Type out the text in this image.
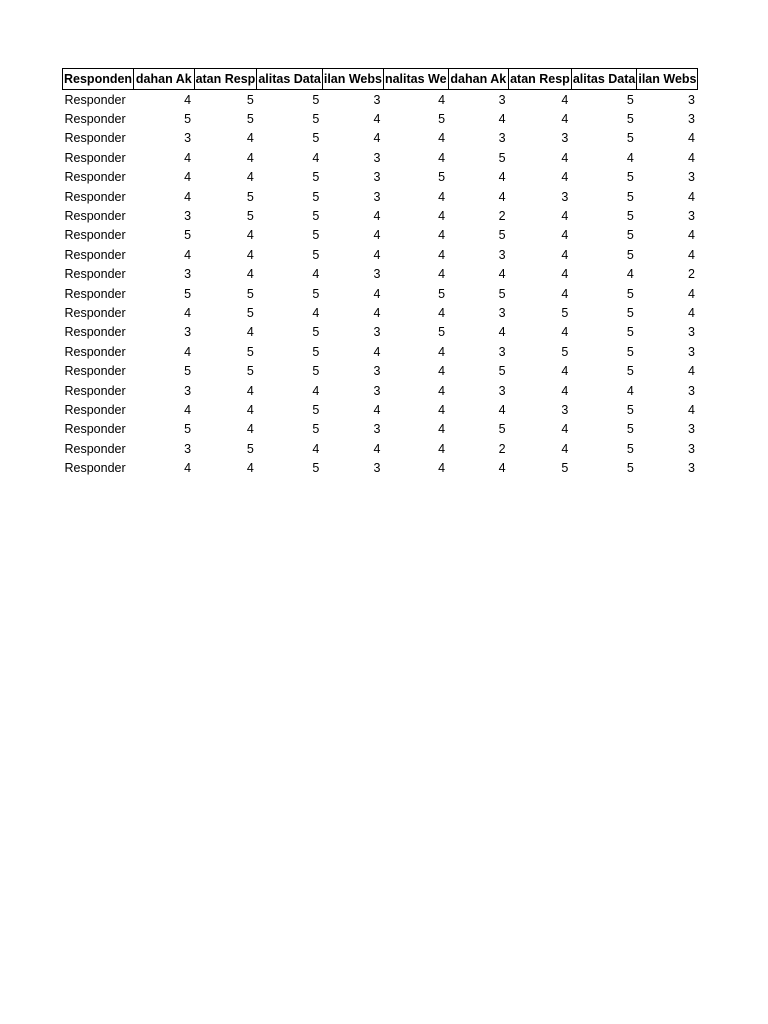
Responden	dahan Ak	atan Resp	alitas Data	ilan Webs	nalitas We	dahan Ak	atan Resp	alitas Data	ilan Webs
Responder	4	5	5	3	4	3	4	5	3
Responder	5	5	5	4	5	4	4	5	3
Responder	3	4	5	4	4	3	3	5	4
Responder	4	4	4	3	4	5	4	4	4
Responder	4	4	5	3	5	4	4	5	3
Responder	4	5	5	3	4	4	3	5	4
Responder	3	5	5	4	4	2	4	5	3
Responder	5	4	5	4	4	5	4	5	4
Responder	4	4	5	4	4	3	4	5	4
Responder	3	4	4	3	4	4	4	4	2
Responder	5	5	5	4	5	5	4	5	4
Responder	4	5	4	4	4	3	5	5	4
Responder	3	4	5	3	5	4	4	5	3
Responder	4	5	5	4	4	3	5	5	3
Responder	5	5	5	3	4	5	4	5	4
Responder	3	4	4	3	4	3	4	4	3
Responder	4	4	5	4	4	4	3	5	4
Responder	5	4	5	3	4	5	4	5	3
Responder	3	5	4	4	4	2	4	5	3
Responder	4	4	5	3	4	4	5	5	3
